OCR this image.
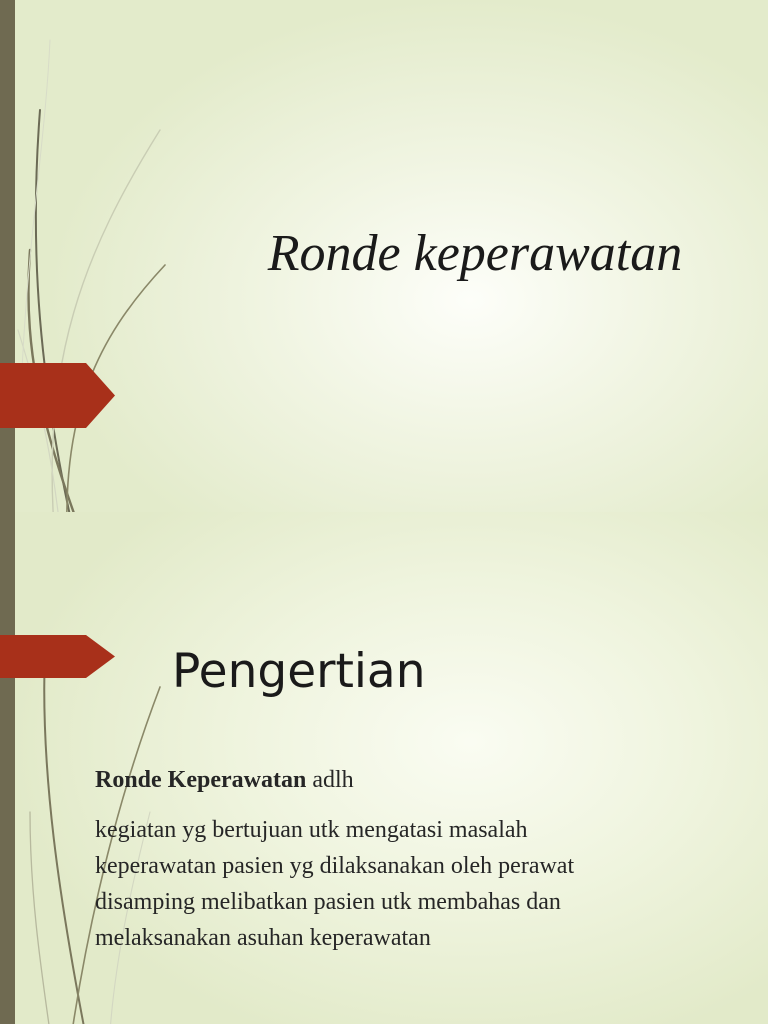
Ronde keperawatan
Pengertian
Ronde Keperawatan adlh
kegiatan yg bertujuan utk mengatasi masalah
keperawatan pasien yg dilaksanakan oleh perawat
disamping melibatkan pasien utk membahas dan
melaksanakan asuhan keperawatan
